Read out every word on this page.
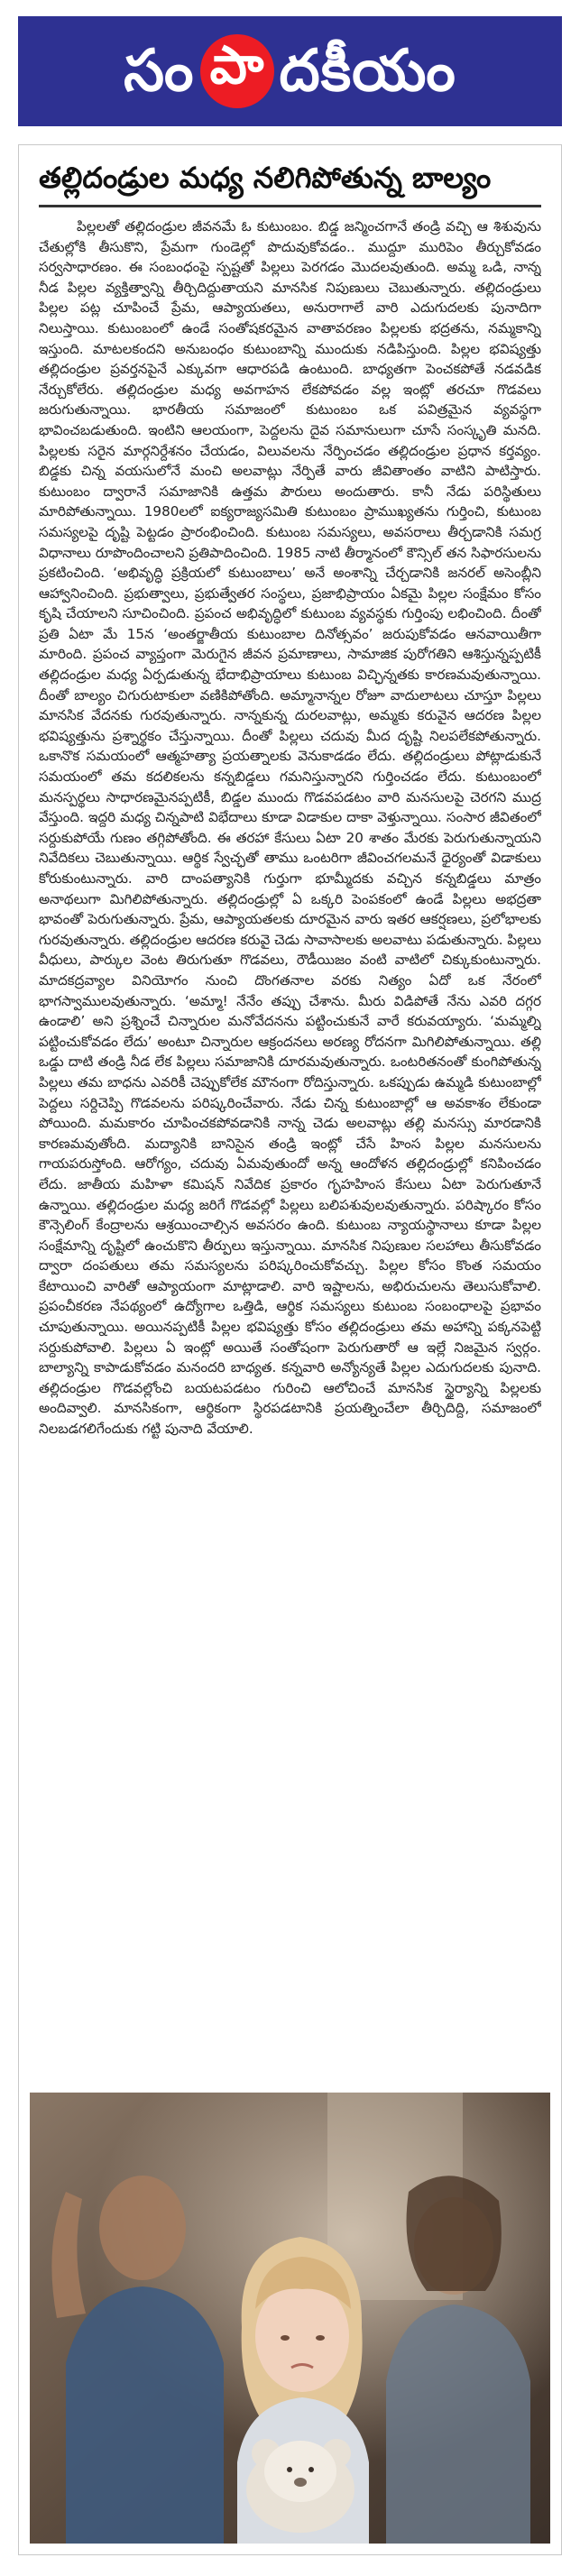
సం పా దకీయం
తల్లిదండ్రుల మధ్య నలిగిపోతున్న బాల్యం
పిల్లలతో తల్లిదండ్రుల జీవనమే ఓ కుటుంబం. బిడ్డ జన్మించగానే తండ్రి వచ్చి ఆ శిశువును చేతుల్లోకి తీసుకొని, ప్రేమగా గుండెల్లో పొదువుకోవడం.. ముద్దూ మురిపెం తీర్చుకోవడం సర్వసాధారణం. ఈ సంబంధంపై స్పష్టతో పిల్లలు పెరగడం మొదలవుతుంది. అమ్మ ఒడి, నాన్న నీడ పిల్లల వ్యక్తిత్వాన్ని తీర్చిదిద్దుతాయని మానసిక నిపుణులు చెబుతున్నారు. తల్లిదండ్రులు పిల్లల పట్ల చూపించే ప్రేమ, ఆప్యాయతలు, అనురాగాలే వారి ఎదుగుదలకు పునాదిగా నిలుస్తాయి. కుటుంబంలో ఉండే సంతోషకరమైన వాతావరణం పిల్లలకు భద్రతను, నమ్మకాన్ని ఇస్తుంది. మాటలకందని అనుబంధం కుటుంబాన్ని ముందుకు నడిపిస్తుంది. పిల్లల భవిష్యత్తు తల్లిదండ్రుల ప్రవర్తనపైనే ఎక్కువగా ఆధారపడి ఉంటుంది. బాధ్యతగా పెంచకపోతే నడవడిక నేర్చుకోలేరు. తల్లిదండ్రుల మధ్య అవగాహన లేకపోవడం వల్ల ఇంట్లో తరచూ గొడవలు జరుగుతున్నాయి. భారతీయ సమాజంలో కుటుంబం ఒక పవిత్రమైన వ్యవస్థగా భావించబడుతుంది. ఇంటిని ఆలయంగా, పెద్దలను దైవ సమానులుగా చూసే సంస్కృతి మనది. పిల్లలకు సరైన మార్గనిర్దేశనం చేయడం, విలువలను నేర్పించడం తల్లిదండ్రుల ప్రధాన కర్తవ్యం. బిడ్డకు చిన్న వయసులోనే మంచి అలవాట్లు నేర్పితే వారు జీవితాంతం వాటిని పాటిస్తారు. కుటుంబం ద్వారానే సమాజానికి ఉత్తమ పౌరులు అందుతారు. కానీ నేడు పరిస్థితులు మారిపోతున్నాయి. 1980లలో ఐక్యరాజ్యసమితి కుటుంబం ప్రాముఖ్యతను గుర్తించి, కుటుంబ సమస్యలపై దృష్టి పెట్టడం ప్రారంభించింది. కుటుంబ సమస్యలు, అవసరాలు తీర్చడానికి సమగ్ర విధానాలు రూపొందించాలని ప్రతిపాదించింది. 1985 నాటి తీర్మానంలో కౌన్సిల్ తన సిఫారసులను ప్రకటించింది. ‘అభివృద్ధి ప్రక్రియలో కుటుంబాలు’ అనే అంశాన్ని చేర్చడానికి జనరల్ అసెంబ్లీని ఆహ్వానించింది. ప్రభుత్వాలు, ప్రభుత్వేతర సంస్థలు, ప్రజాభిప్రాయం ఏకమై పిల్లల సంక్షేమం కోసం కృషి చేయాలని సూచించింది. ప్రపంచ అభివృద్ధిలో కుటుంబ వ్యవస్థకు గుర్తింపు లభించింది. దీంతో ప్రతి ఏటా మే 15న ‘అంతర్జాతీయ కుటుంబాల దినోత్సవం’ జరుపుకోవడం ఆనవాయితీగా మారింది. ప్రపంచ వ్యాప్తంగా మెరుగైన జీవన ప్రమాణాలు, సామాజిక పురోగతిని ఆశిస్తున్నప్పటికీ తల్లిదండ్రుల మధ్య ఏర్పడుతున్న భేదాభిప్రాయాలు కుటుంబ విచ్ఛిన్నతకు కారణమవుతున్నాయి. దీంతో బాల్యం చిగురుటాకులా వణికిపోతోంది. అమ్మానాన్నల రోజూ వాదులాటలు చూస్తూ పిల్లలు మానసిక వేదనకు గురవుతున్నారు. నాన్నకున్న దురలవాట్లు, అమ్మకు కరువైన ఆదరణ పిల్లల భవిష్యత్తును ప్రశ్నార్థకం చేస్తున్నాయి. దీంతో పిల్లలు చదువు మీద దృష్టి నిలపలేకపోతున్నారు. ఒకానొక సమయంలో ఆత్మహత్యా ప్రయత్నాలకు వెనుకాడడం లేదు. తల్లిదండ్రులు పోట్లాడుకునే సమయంలో తమ కదలికలను కన్నబిడ్డలు గమనిస్తున్నారని గుర్తించడం లేదు. కుటుంబంలో మనస్పర్థలు సాధారణమైనప్పటికీ, బిడ్డల ముందు గొడవపడటం వారి మనసులపై చెరగని ముద్ర వేస్తుంది. ఇద్దరి మధ్య చిన్నపాటి విభేదాలు కూడా విడాకుల దాకా వెళ్తున్నాయి. సంసార జీవితంలో సర్దుకుపోయే గుణం తగ్గిపోతోంది. ఈ తరహా కేసులు ఏటా 20 శాతం మేరకు పెరుగుతున్నాయని నివేదికలు చెబుతున్నాయి. ఆర్థిక స్వేచ్ఛతో తాము ఒంటరిగా జీవించగలమనే ధైర్యంతో విడాకులు కోరుకుంటున్నారు. వారి దాంపత్యానికి గుర్తుగా భూమ్మీదకు వచ్చిన కన్నబిడ్డలు మాత్రం అనాథలుగా మిగిలిపోతున్నారు. తల్లిదండ్రుల్లో ఏ ఒక్కరి పెంపకంలో ఉండే పిల్లలు అభద్రతా భావంతో పెరుగుతున్నారు. ప్రేమ, ఆప్యాయతలకు దూరమైన వారు ఇతర ఆకర్షణలు, ప్రలోభాలకు గురవుతున్నారు. తల్లిదండ్రుల ఆదరణ కరువై చెడు సావాసాలకు అలవాటు పడుతున్నారు. పిల్లలు వీధులు, పార్కుల వెంట తిరుగుతూ గొడవలు, రౌడీయిజం వంటి వాటిలో చిక్కుకుంటున్నారు. మాదకద్రవ్యాల వినియోగం నుంచి దొంగతనాల వరకు నిత్యం ఏదో ఒక నేరంలో భాగస్వాములవుతున్నారు. ‘అమ్మా! నేనేం తప్పు చేశాను. మీరు విడిపోతే నేను ఎవరి దగ్గర ఉండాలి’ అని ప్రశ్నించే చిన్నారుల మనోవేదనను పట్టించుకునే వారే కరువయ్యారు. ‘మమ్మల్ని పట్టించుకోవడం లేదు’ అంటూ చిన్నారుల ఆక్రందనలు అరణ్య రోదనగా మిగిలిపోతున్నాయి. తల్లి ఒడ్డు దాటి తండ్రి నీడ లేక పిల్లలు సమాజానికి దూరమవుతున్నారు. ఒంటరితనంతో కుంగిపోతున్న పిల్లలు తమ బాధను ఎవరికీ చెప్పుకోలేక మౌనంగా రోదిస్తున్నారు. ఒకప్పుడు ఉమ్మడి కుటుంబాల్లో పెద్దలు సర్దిచెప్పి గొడవలను పరిష్కరించేవారు. నేడు చిన్న కుటుంబాల్లో ఆ అవకాశం లేకుండా పోయింది. మమకారం చూపించకపోవడానికి నాన్న చెడు అలవాట్లు తల్లి మనస్సు మారడానికి కారణమవుతోంది. మద్యానికి బానిసైన తండ్రి ఇంట్లో చేసే హింస పిల్లల మనసులను గాయపరుస్తోంది. ఆరోగ్యం, చదువు ఏమవుతుందో అన్న ఆందోళన తల్లిదండ్రుల్లో కనిపించడం లేదు. జాతీయ మహిళా కమిషన్ నివేదిక ప్రకారం గృహహింస కేసులు ఏటా పెరుగుతూనే ఉన్నాయి. తల్లిదండ్రుల మధ్య జరిగే గొడవల్లో పిల్లలు బలిపశువులవుతున్నారు. పరిష్కారం కోసం కౌన్సెలింగ్ కేంద్రాలను ఆశ్రయించాల్సిన అవసరం ఉంది. కుటుంబ న్యాయస్థానాలు కూడా పిల్లల సంక్షేమాన్ని దృష్టిలో ఉంచుకొని తీర్పులు ఇస్తున్నాయి. మానసిక నిపుణుల సలహాలు తీసుకోవడం ద్వారా దంపతులు తమ సమస్యలను పరిష్కరించుకోవచ్చు. పిల్లల కోసం కొంత సమయం కేటాయించి వారితో ఆప్యాయంగా మాట్లాడాలి. వారి ఇష్టాలను, అభిరుచులను తెలుసుకోవాలి. ప్రపంచీకరణ నేపథ్యంలో ఉద్యోగాల ఒత్తిడి, ఆర్థిక సమస్యలు కుటుంబ సంబంధాలపై ప్రభావం చూపుతున్నాయి. అయినప్పటికీ పిల్లల భవిష్యత్తు కోసం తల్లిదండ్రులు తమ అహాన్ని పక్కనపెట్టి సర్దుకుపోవాలి. పిల్లలు ఏ ఇంట్లో అయితే సంతోషంగా పెరుగుతారో ఆ ఇల్లే నిజమైన స్వర్గం. బాల్యాన్ని కాపాడుకోవడం మనందరి బాధ్యత. కన్నవారి అన్యోన్యతే పిల్లల ఎదుగుదలకు పునాది. తల్లిదండ్రుల గొడవల్లోంచి బయటపడటం గురించి ఆలోచించే మానసిక స్థైర్యాన్ని పిల్లలకు అందివ్వాలి. మానసికంగా, ఆర్థికంగా స్థిరపడటానికి ప్రయత్నించేలా తీర్చిదిద్ది, సమాజంలో నిలబడగలిగేందుకు గట్టి పునాది వేయాలి.
